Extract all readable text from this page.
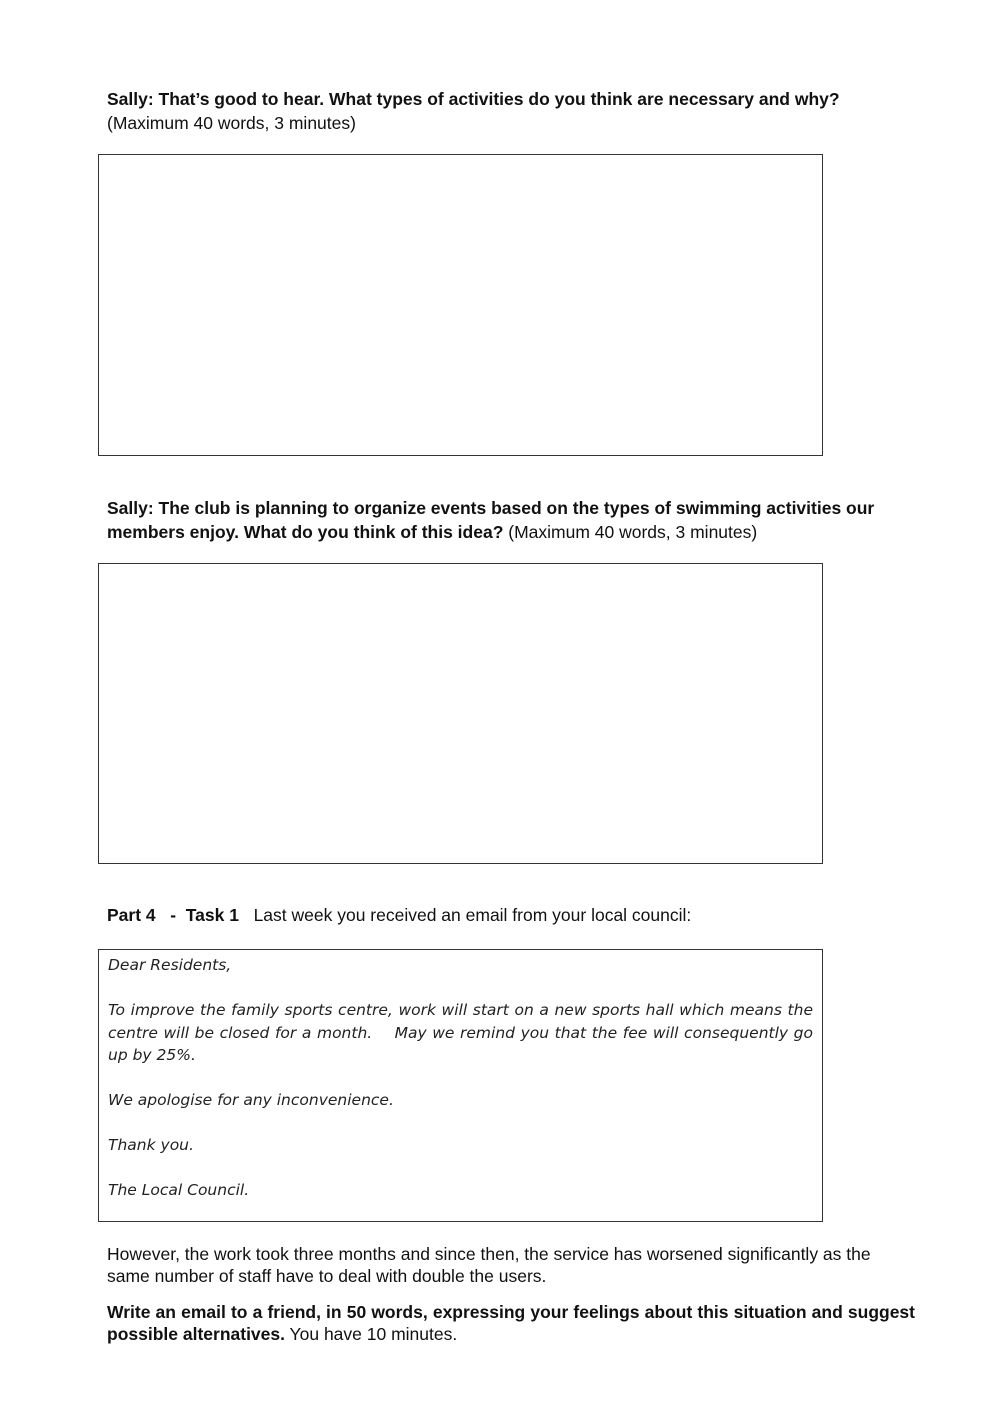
Sally: That’s good to hear. What types of activities do you think are necessary and why?
(Maximum 40 words, 3 minutes)
Sally: The club is planning to organize events based on the types of swimming activities our members enjoy. What do you think of this idea? (Maximum 40 words, 3 minutes)
Part 4   -  Task 1 Last week you received an email from your local council:

Dear Residents,

To improve the family sports centre, work will start on a new sports hall which means the centre will be closed for a month.    May we remind you that the fee will consequently go up by 25%.

We apologise for any inconvenience.

Thank you.

The Local Council.

However, the work took three months and since then, the service has worsened significantly as the same number of staff have to deal with double the users.
Write an email to a friend, in 50 words, expressing your feelings about this situation and suggest possible alternatives. You have 10 minutes.
